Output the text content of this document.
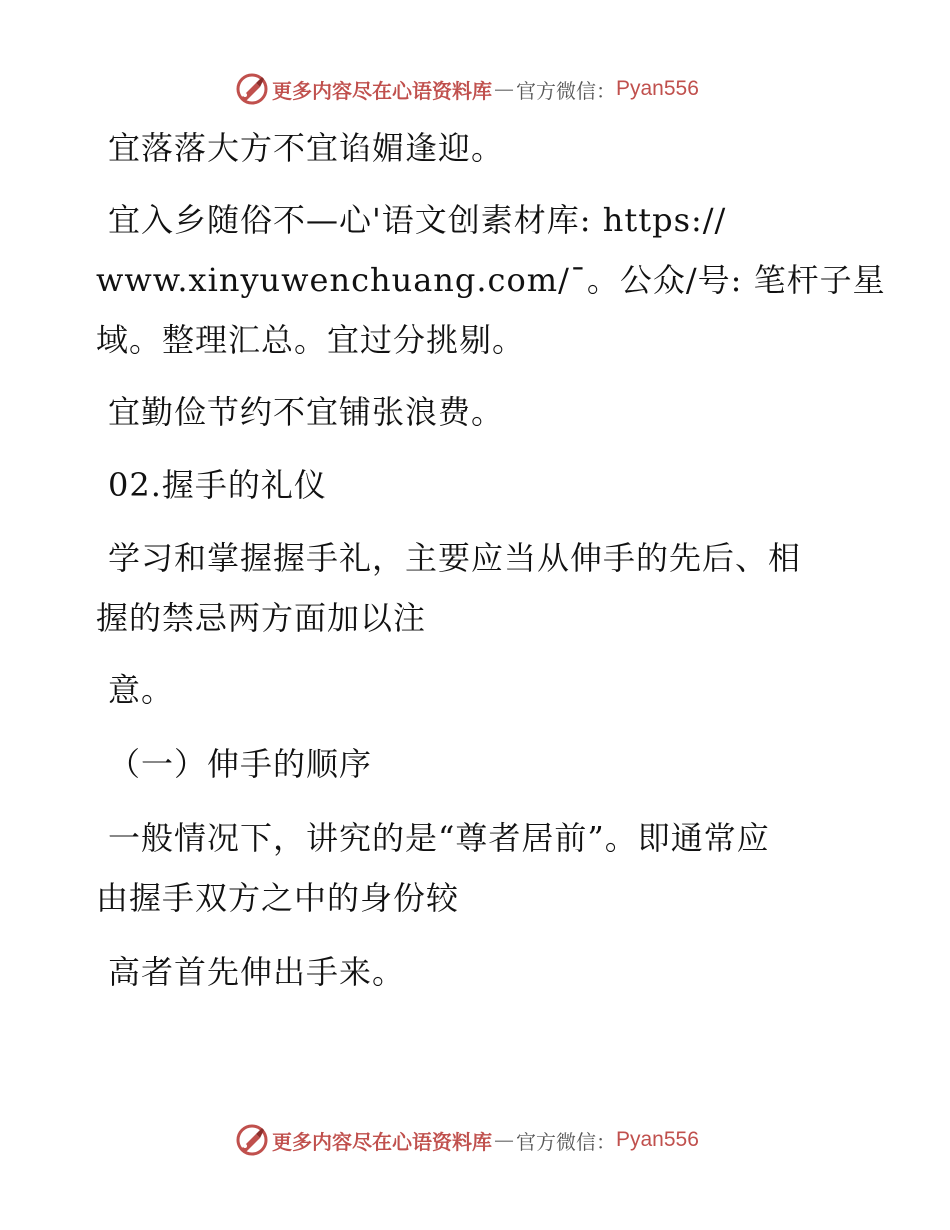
更多内容尽在心语资料库 — 官方微信： Pyan556
宜落落大方不宜谄媚逢迎。
宜入乡随俗不—心'语文创素材库: https://
www.xinyuwenchuang.com/¯。公众/号: 笔杆子星
域。整理汇总。宜过分挑剔。
宜勤俭节约不宜铺张浪费。
02.握手的礼仪
学习和掌握握手礼，主要应当从伸手的先后、相
握的禁忌两方面加以注
意。
（一）伸手的顺序
一般情况下，讲究的是“尊者居前”。即通常应
由握手双方之中的身份较
高者首先伸出手来。
更多内容尽在心语资料库 — 官方微信： Pyan556
